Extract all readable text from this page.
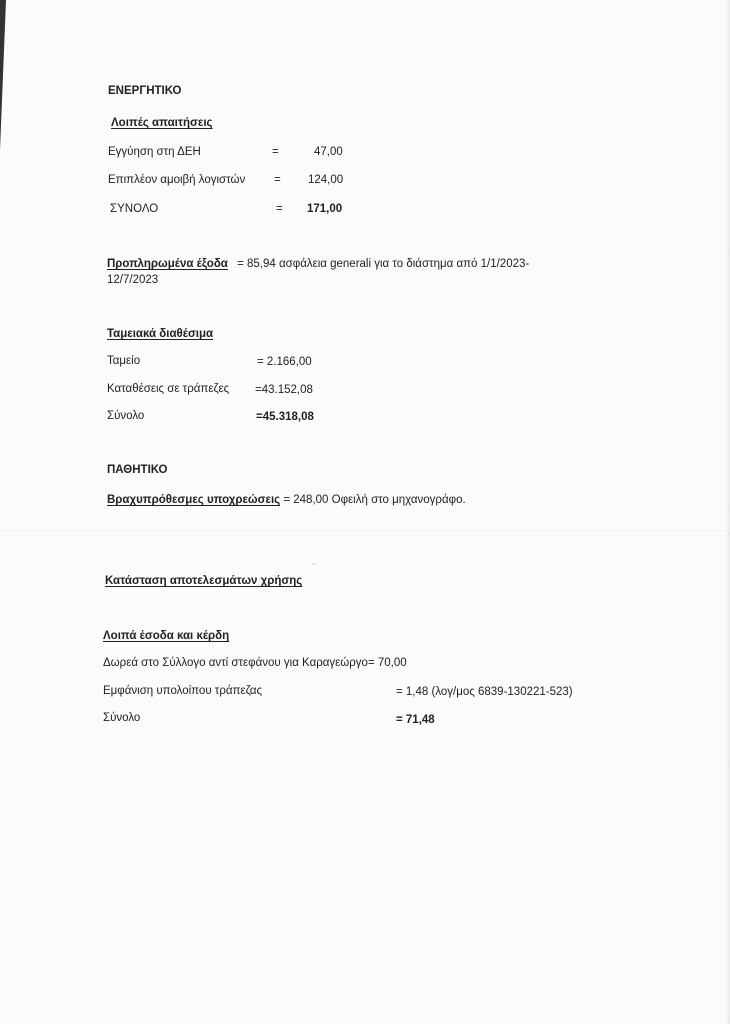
~
ΕΝΕΡΓΗΤΙΚΟ
Λοιπές απαιτήσεις
Εγγύηση στη ΔΕΗ	=	47,00
Επιπλέον αμοιβή λογιστών	= 124,00
ΣΥΝΟΛΟ	= 171,00
Προπληρωμένα έξοδα = 85,94 ασφάλεια generali για το διάστημα από 1/1/2023-
12/7/2023
Ταμειακά διαθέσιμα
Ταμείο	= 2.166,00
Καταθέσεις σε τράπεζες =43.152,08
Σύνολο	=45.318,08
ΠΑΘΗΤΙΚΟ
Βραχυπρόθεσμες υποχρεώσεις = 248,00 Οφειλή στο μηχανογράφο.
Κατάσταση αποτελεσμάτων χρήσης
Λοιπά έσοδα και κέρδη
Δωρεά στο Σύλλογο αντί στεφάνου για Καραγεώργο= 70,00
Εμφάνιση υπολοίπου τράπεζας	= 1,48 (λογ/μος 6839-130221-523)
Σύνολο	= 71,48
